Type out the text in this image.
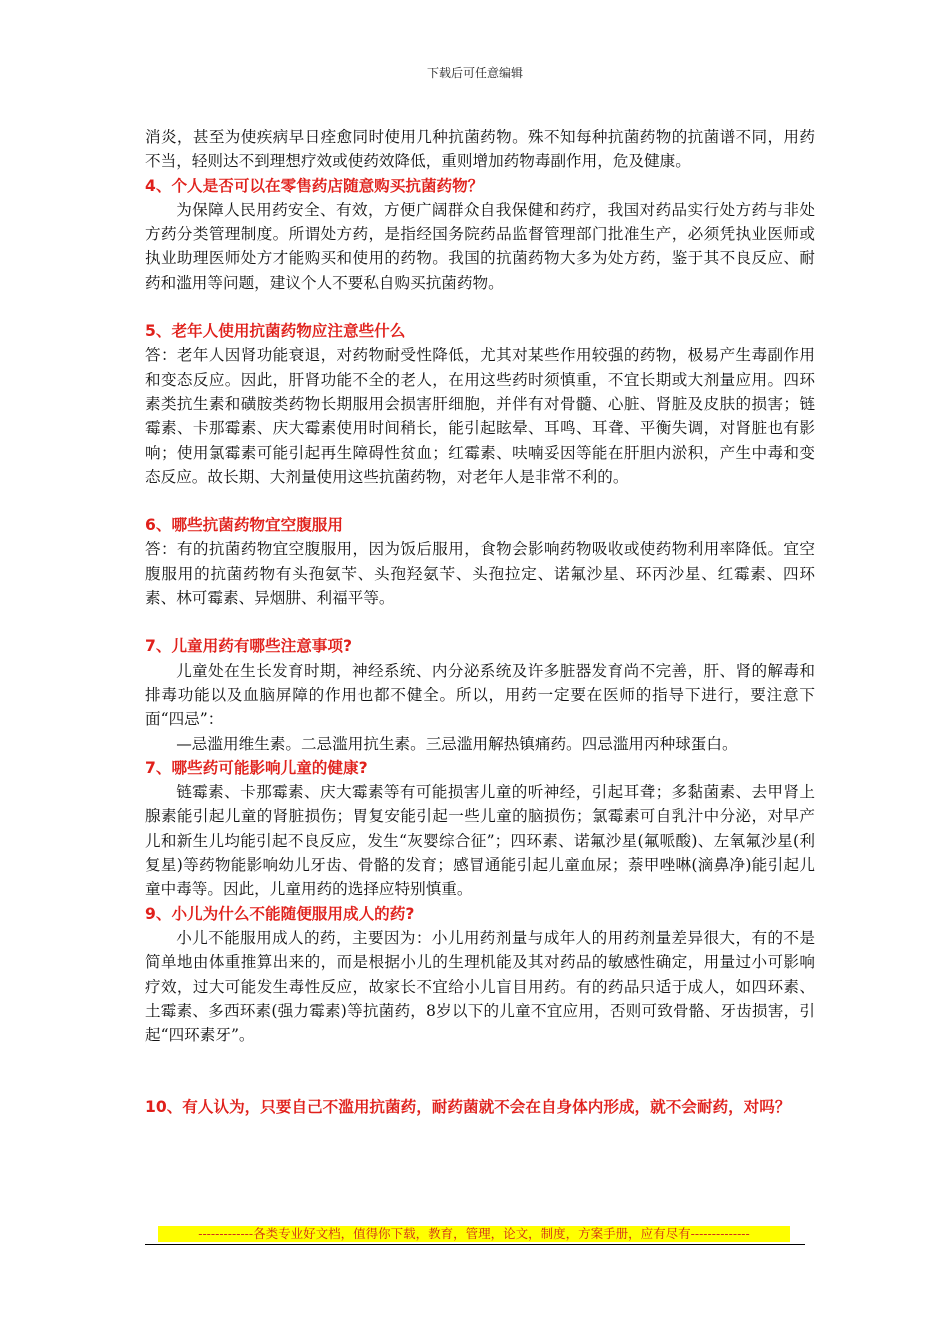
下载后可任意编辑

消炎，甚至为使疾病早日痊愈同时使用几种抗菌药物。殊不知每种抗菌药物的抗菌谱不同，用药不当，轻则达不到理想疗效或使药效降低，重则增加药物毒副作用，危及健康。

4、个人是否可以在零售药店随意购买抗菌药物？

为保障人民用药安全、有效，方便广阔群众自我保健和药疗，我国对药品实行处方药与非处方药分类管理制度。所谓处方药，是指经国务院药品监督管理部门批准生产，必须凭执业医师或执业助理医师处方才能购买和使用的药物。我国的抗菌药物大多为处方药，鉴于其不良反应、耐药和滥用等问题，建议个人不要私自购买抗菌药物。

5、老年人使用抗菌药物应注意些什么

答：老年人因肾功能衰退，对药物耐受性降低，尤其对某些作用较强的药物，极易产生毒副作用和变态反应。因此，肝肾功能不全的老人，在用这些药时须慎重，不宜长期或大剂量应用。四环素类抗生素和磺胺类药物长期服用会损害肝细胞，并伴有对骨髓、心脏、肾脏及皮肤的损害；链霉素、卡那霉素、庆大霉素使用时间稍长，能引起眩晕、耳鸣、耳聋、平衡失调，对肾脏也有影响；使用氯霉素可能引起再生障碍性贫血；红霉素、呋喃妥因等能在肝胆内淤积，产生中毒和变态反应。故长期、大剂量使用这些抗菌药物，对老年人是非常不利的。

6、哪些抗菌药物宜空腹服用

答：有的抗菌药物宜空腹服用，因为饭后服用，食物会影响药物吸收或使药物利用率降低。宜空腹服用的抗菌药物有头孢氨苄、头孢羟氨苄、头孢拉定、诺氟沙星、环丙沙星、红霉素、四环素、林可霉素、异烟肼、利福平等。

7、儿童用药有哪些注意事项?

儿童处在生长发育时期，神经系统、内分泌系统及许多脏器发育尚不完善，肝、肾的解毒和排毒功能以及血脑屏障的作用也都不健全。所以，用药一定要在医师的指导下进行，要注意下面“四忌”：

—忌滥用维生素。二忌滥用抗生素。三忌滥用解热镇痛药。四忌滥用丙种球蛋白。

7、哪些药可能影响儿童的健康?

链霉素、卡那霉素、庆大霉素等有可能损害儿童的听神经，引起耳聋；多黏菌素、去甲肾上腺素能引起儿童的肾脏损伤；胃复安能引起一些儿童的脑损伤；氯霉素可自乳汁中分泌，对早产儿和新生儿均能引起不良反应，发生“灰婴综合征”；四环素、诺氟沙星(氟哌酸)、左氧氟沙星(利复星)等药物能影响幼儿牙齿、骨骼的发育；感冒通能引起儿童血尿；萘甲唑啉(滴鼻净)能引起儿童中毒等。因此，儿童用药的选择应特别慎重。

9、小儿为什么不能随便服用成人的药?

小儿不能服用成人的药，主要因为：小儿用药剂量与成年人的用药剂量差异很大，有的不是简单地由体重推算出来的，而是根据小儿的生理机能及其对药品的敏感性确定，用量过小可影响疗效，过大可能发生毒性反应，故家长不宜给小儿盲目用药。有的药品只适于成人，如四环素、土霉素、多西环素(强力霉素)等抗菌药，8岁以下的儿童不宜应用，否则可致骨骼、牙齿损害，引起“四环素牙”。

10、有人认为，只要自己不滥用抗菌药，耐药菌就不会在自身体内形成，就不会耐药，对吗？
-------------各类专业好文档，值得你下载，教育，管理，论文，制度，方案手册，应有尽有--------------
